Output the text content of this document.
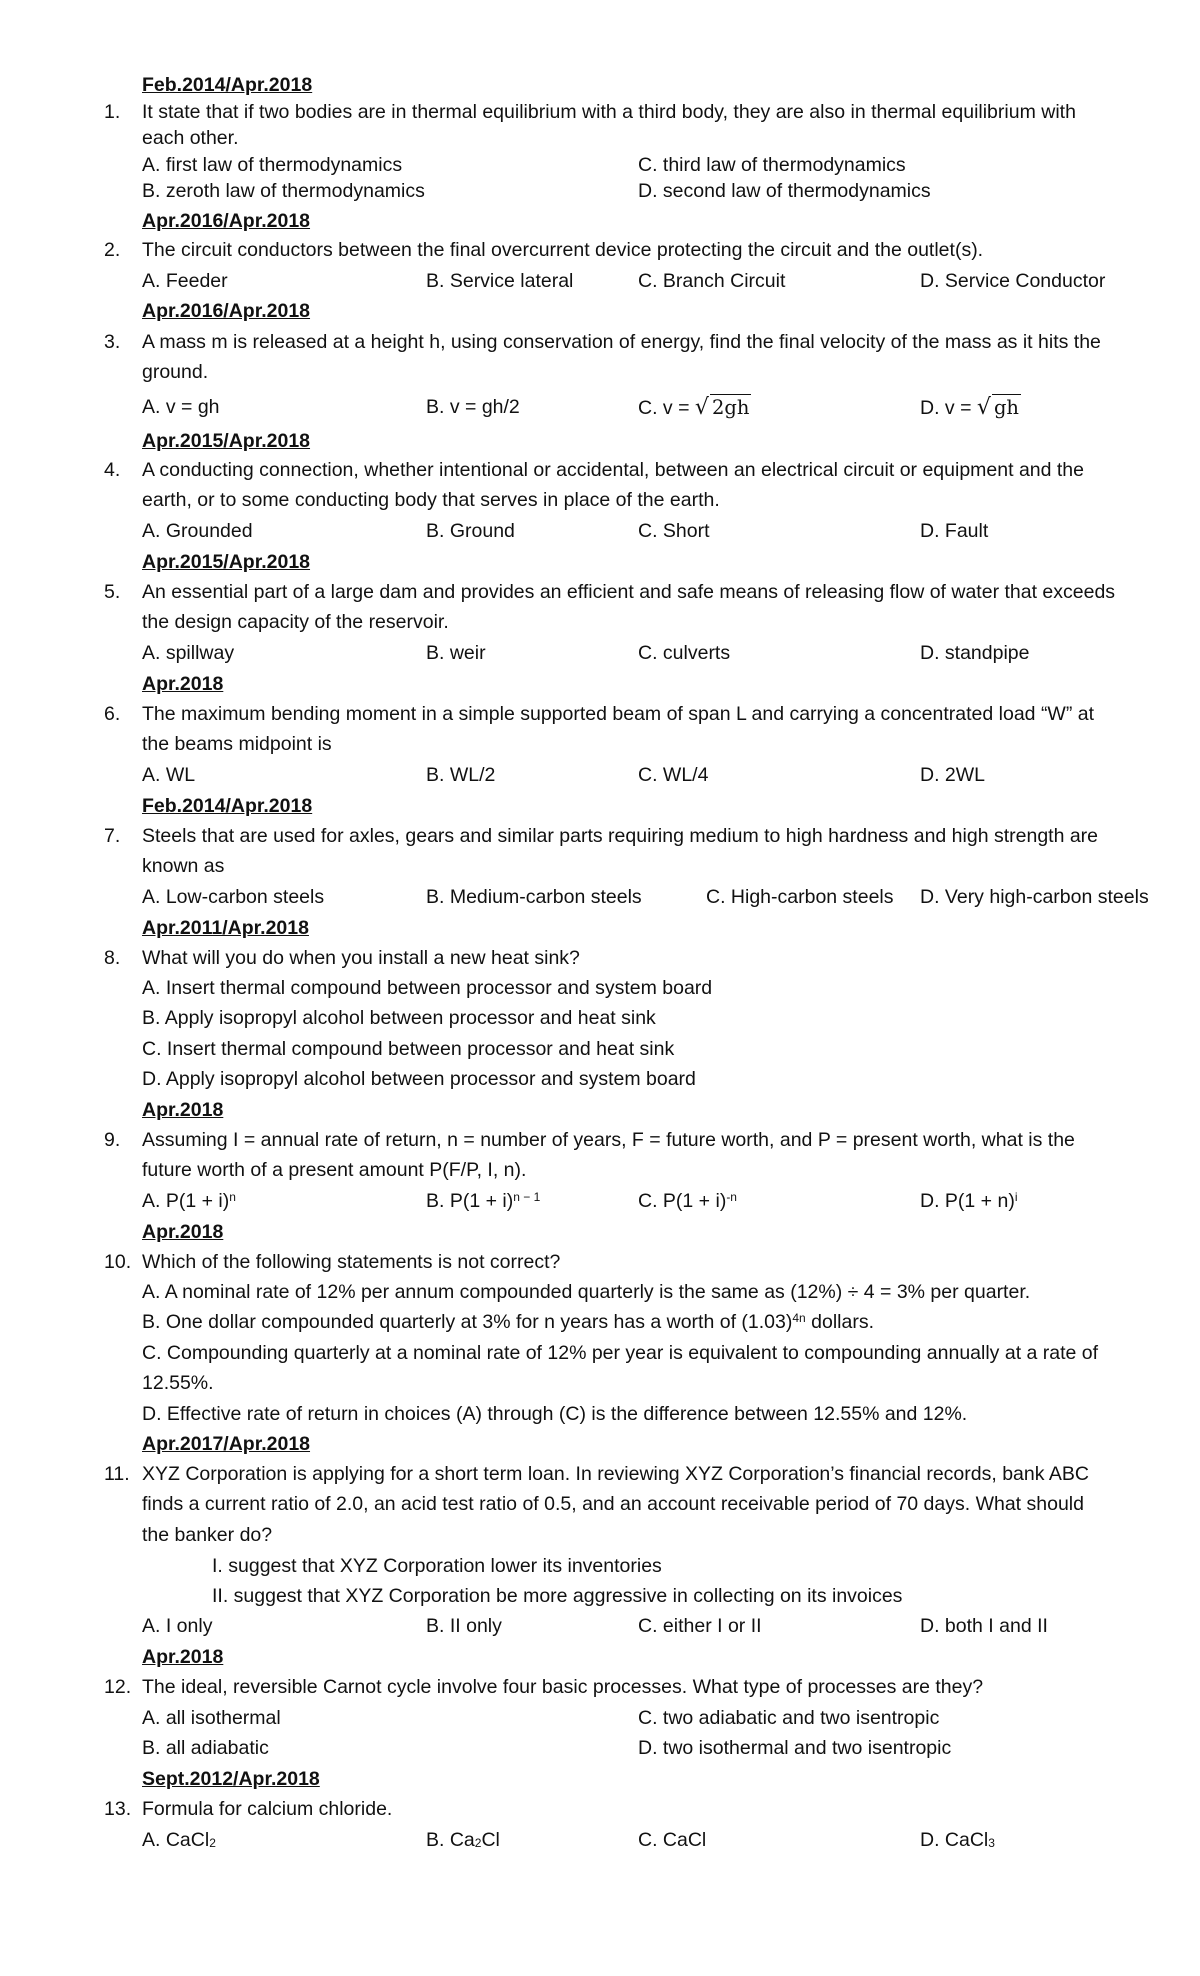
Feb.2014/Apr.2018
1. It state that if two bodies are in thermal equilibrium with a third body, they are also in thermal equilibrium with
each other.
A. first law of thermodynamics	C. third law of thermodynamics
B. zeroth law of thermodynamics	D. second law of thermodynamics
Apr.2016/Apr.2018
2. The circuit conductors between the final overcurrent device protecting the circuit and the outlet(s).
A. Feeder	B. Service lateral	C. Branch Circuit	D. Service Conductor
Apr.2016/Apr.2018
3. A mass m is released at a height h, using conservation of energy, find the final velocity of the mass as it hits the
ground.
A. v = gh	B. v = gh/2	C. v = √ 2gh	D. v = √ gh
Apr.2015/Apr.2018
4. A conducting connection, whether intentional or accidental, between an electrical circuit or equipment and the
earth, or to some conducting body that serves in place of the earth.
A. Grounded	B. Ground	C. Short	D. Fault
Apr.2015/Apr.2018
5. An essential part of a large dam and provides an efficient and safe means of releasing flow of water that exceeds
the design capacity of the reservoir.
A. spillway	B. weir	C. culverts	D. standpipe
Apr.2018
6. The maximum bending moment in a simple supported beam of span L and carrying a concentrated load “W” at
the beams midpoint is
A. WL	B. WL/2	C. WL/4	D. 2WL
Feb.2014/Apr.2018
7. Steels that are used for axles, gears and similar parts requiring medium to high hardness and high strength are
known as
A. Low-carbon steels	B. Medium-carbon steels	C. High-carbon steels D. Very high-carbon steels
Apr.2011/Apr.2018
8. What will you do when you install a new heat sink?
A. Insert thermal compound between processor and system board
B. Apply isopropyl alcohol between processor and heat sink
C. Insert thermal compound between processor and heat sink
D. Apply isopropyl alcohol between processor and system board
Apr.2018
9. Assuming I = annual rate of return, n = number of years, F = future worth, and P = present worth, what is the
future worth of a present amount P(F/P, I, n).
A. $P(1 + i)^n$	B. $P(1 + i)^{n - 1}$	C. $P(1 + i)^{-n}$	D. $P(1 + n)^i$
Apr.2018
10. Which of the following statements is not correct?
A. A nominal rate of 12% per annum compounded quarterly is the same as (12%) ÷ 4 = 3% per quarter.
B. One dollar compounded quarterly at 3% for n years has a worth of $(1.03)^{4n}$ dollars.
C. Compounding quarterly at a nominal rate of 12% per year is equivalent to compounding annually at a rate of
12.55%.
D. Effective rate of return in choices (A) through (C) is the difference between 12.55% and 12%.
Apr.2017/Apr.2018
11. XYZ Corporation is applying for a short term loan. In reviewing XYZ Corporation’s financial records, bank ABC
finds a current ratio of 2.0, an acid test ratio of 0.5, and an account receivable period of 70 days. What should
the banker do?
I. suggest that XYZ Corporation lower its inventories
II. suggest that XYZ Corporation be more aggressive in collecting on its invoices
A. I only	B. II only	C. either I or II	D. both I and II
Apr.2018
12. The ideal, reversible Carnot cycle involve four basic processes. What type of processes are they?
A. all isothermal	C. two adiabatic and two isentropic
B. all adiabatic	D. two isothermal and two isentropic
Sept.2012/Apr.2018
13. Formula for calcium chloride.
A. CaCl$_2$	B. $Ca_2Cl$	C. CaCl	D. CaCl$_3$
